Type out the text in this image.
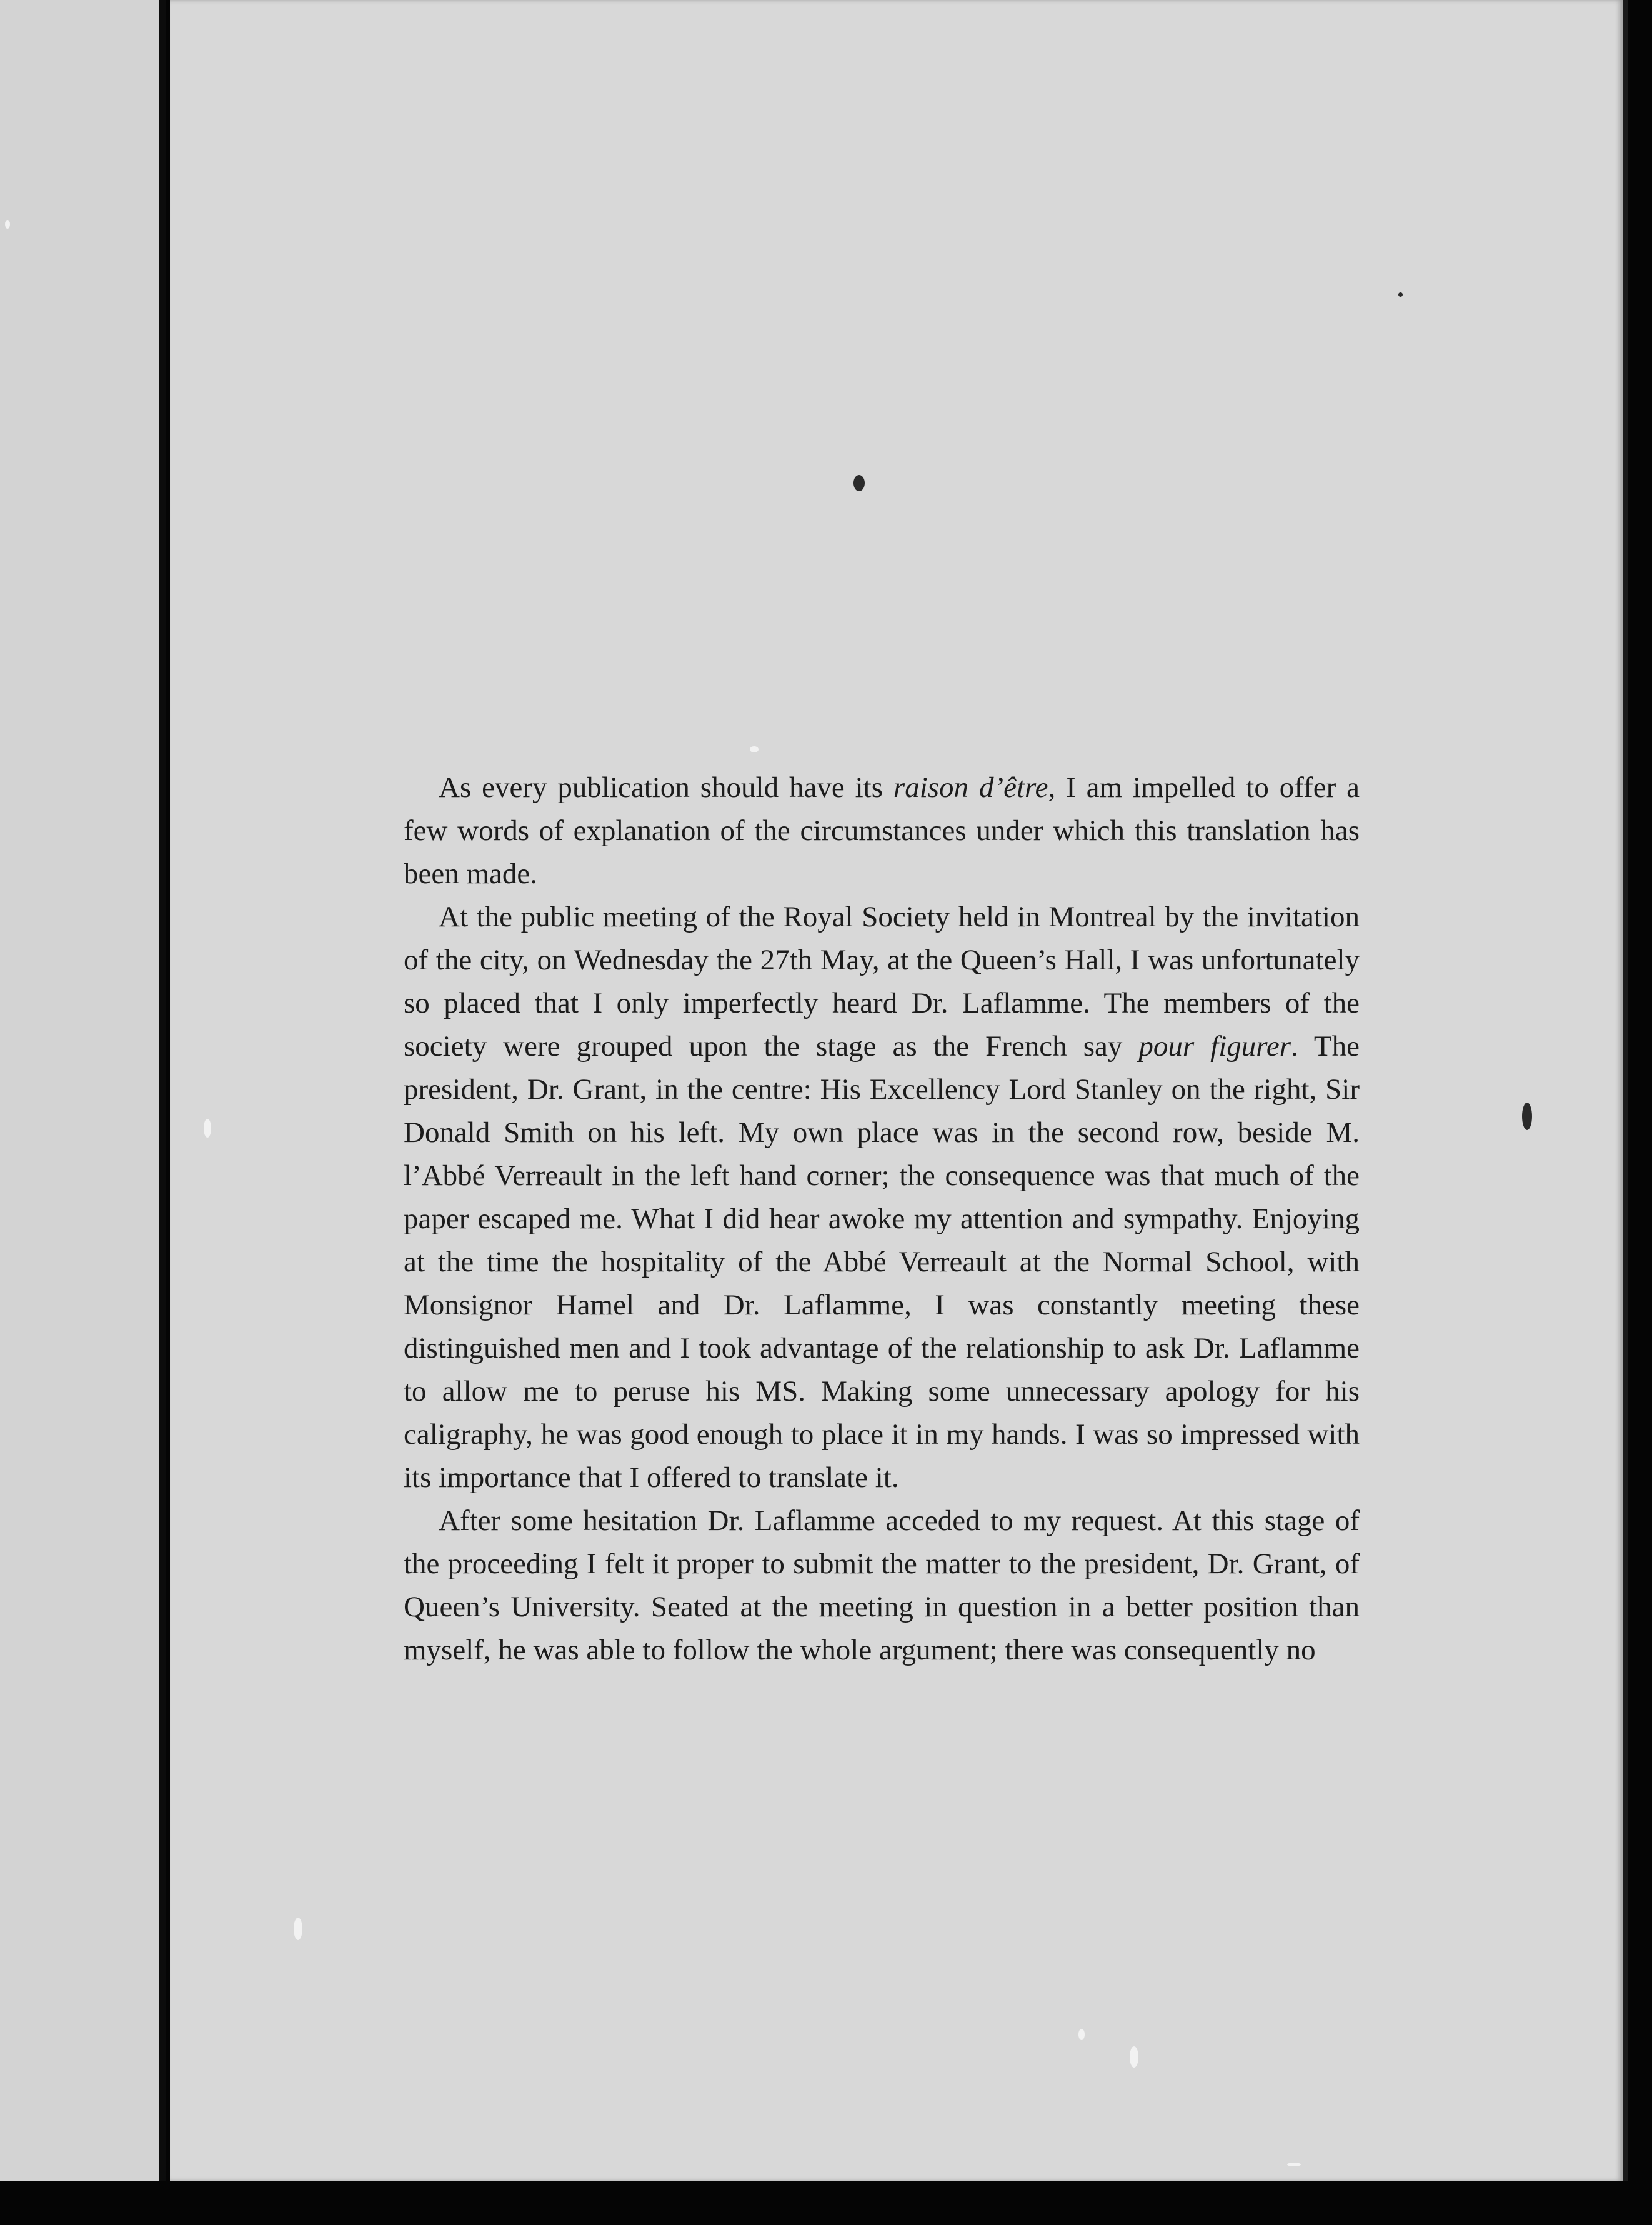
As every publication should have its raison d’être, I am impelled to offer a few words of explanation of the circumstances under which this translation has been made.

At the public meeting of the Royal Society held in Montreal by the invitation of the city, on Wednesday the 27th May, at the Queen’s Hall, I was unfortunately so placed that I only imperfectly heard Dr. Laflamme. The members of the society were grouped upon the stage as the French say pour figurer. The president, Dr. Grant, in the centre: His Excellency Lord Stanley on the right, Sir Donald Smith on his left. My own place was in the second row, beside M. l’Abbé Verreault in the left hand corner; the consequence was that much of the paper escaped me. What I did hear awoke my attention and sympathy. Enjoying at the time the hospitality of the Abbé Verreault at the Normal School, with Monsignor Hamel and Dr. Laflamme, I was constantly meeting these distinguished men and I took advantage of the relationship to ask Dr. Laflamme to allow me to peruse his MS. Making some unnecessary apology for his caligraphy, he was good enough to place it in my hands. I was so impressed with its importance that I offered to translate it.

After some hesitation Dr. Laflamme acceded to my request. At this stage of the proceeding I felt it proper to submit the matter to the president, Dr. Grant, of Queen’s University. Seated at the meeting in question in a better position than myself, he was able to follow the whole argument; there was consequently no
